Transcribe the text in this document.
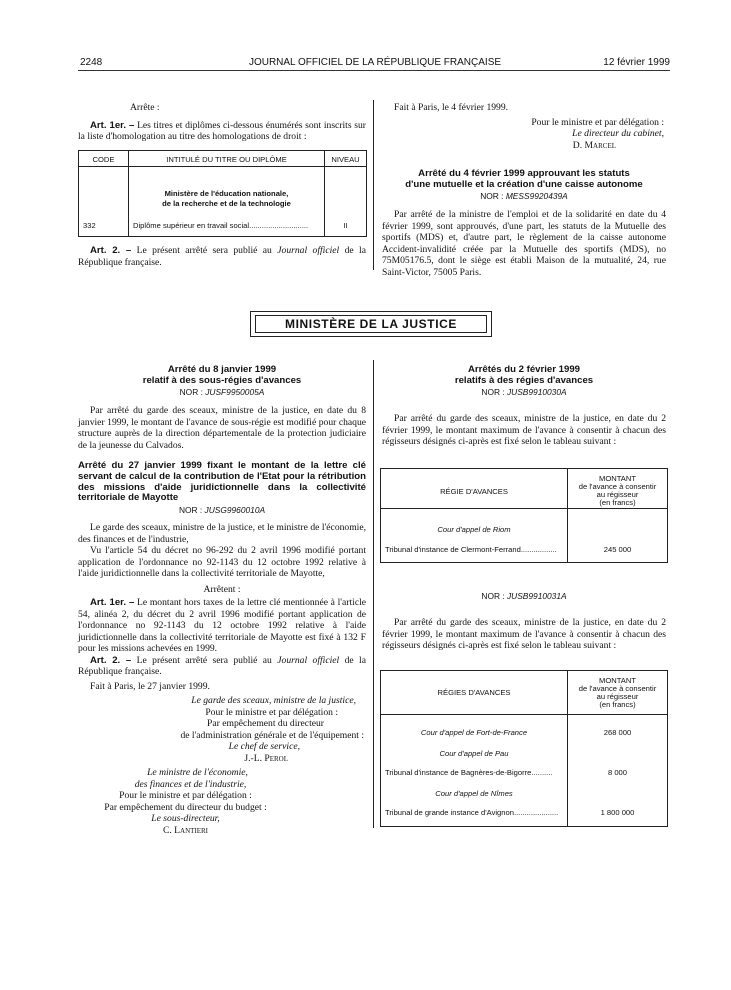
2248	JOURNAL OFFICIEL DE LA RÉPUBLIQUE FRANÇAISE	12 février 1999

Arrête :

Art. 1er. – Les titres et diplômes ci-dessous énumérés sont inscrits sur la liste d'homologation au titre des homologations de droit :

CODE	INTITULÉ DU TITRE OU DIPLÔME	NIVEAU
Ministère de l'éducation nationale,
de la recherche et de la technologie
332	Diplôme supérieur en travail social............................	II

Art. 2. – Le présent arrêté sera publié au Journal officiel de la République française.

Fait à Paris, le 4 février 1999.

Pour le ministre et par délégation :

Le directeur du cabinet,

D. Marcel

Arrêté du 4 février 1999 approuvant les statuts

d'une mutuelle et la création d'une caisse autonome

NOR : MESS9920439A

Par arrêté de la ministre de l'emploi et de la solidarité en date du 4 février 1999, sont approuvés, d'une part, les statuts de la Mutuelle des sportifs (MDS) et, d'autre part, le règlement de la caisse autonome Accident-invalidité créée par la Mutuelle des sportifs (MDS), no 75M05176.5, dont le siège est établi Maison de la mutualité, 24, rue Saint-Victor, 75005 Paris.

MINISTÈRE DE LA JUSTICE

Arrêté du 8 janvier 1999

relatif à des sous-régies d'avances

NOR : JUSF9950005A

Par arrêté du garde des sceaux, ministre de la justice, en date du 8 janvier 1999, le montant de l'avance de sous-régie est modifié pour chaque structure auprès de la direction départementale de la protection judiciaire de la jeunesse du Calvados.

Arrêté du 27 janvier 1999 fixant le montant de la lettre clé servant de calcul de la contribution de l'Etat pour la rétribution des missions d'aide juridictionnelle dans la collectivité territoriale de Mayotte

NOR : JUSG9960010A

Le garde des sceaux, ministre de la justice, et le ministre de l'économie, des finances et de l'industrie,

Vu l'article 54 du décret no 96-292 du 2 avril 1996 modifié portant application de l'ordonnance no 92-1143 du 12 octobre 1992 relative à l'aide juridictionnelle dans la collectivité territoriale de Mayotte,

Arrêtent :

Art. 1er. – Le montant hors taxes de la lettre clé mentionnée à l'article 54, alinéa 2, du décret du 2 avril 1996 modifié portant application de l'ordonnance no 92-1143 du 12 octobre 1992 relative à l'aide juridictionnelle dans la collectivité territoriale de Mayotte est fixé à 132 F pour les missions achevées en 1999.

Art. 2. – Le présent arrêté sera publié au Journal officiel de la République française.

Fait à Paris, le 27 janvier 1999.

Le garde des sceaux, ministre de la justice,

Pour le ministre et par délégation :

Par empêchement du directeur

de l'administration générale et de l'équipement :

Le chef de service,

J.-L. Perol

Le ministre de l'économie,

des finances et de l'industrie,

Pour le ministre et par délégation :

Par empêchement du directeur du budget :

Le sous-directeur,

C. Lantieri

Arrêtés du 2 février 1999

relatifs à des régies d'avances

NOR : JUSB9910030A

Par arrêté du garde des sceaux, ministre de la justice, en date du 2 février 1999, le montant maximum de l'avance à consentir à chacun des régisseurs désignés ci-après est fixé selon le tableau suivant :

RÉGIE D'AVANCES
MONTANT
de l'avance à consentir
au régisseur
(en francs)
Cour d'appel de Riom
Tribunal d'instance de Clermont-Ferrand.................	245 000

NOR : JUSB9910031A

Par arrêté du garde des sceaux, ministre de la justice, en date du 2 février 1999, le montant maximum de l'avance à consentir à chacun des régisseurs désignés ci-après est fixé selon le tableau suivant :

RÉGIES D'AVANCES
MONTANT
de l'avance à consentir
au régisseur
(en francs)
Cour d'appel de Fort-de-France	268 000
Cour d'appel de Pau
Tribunal d'instance de Bagnères-de-Bigorre..........	8 000
Cour d'appel de Nîmes
Tribunal de grande instance d'Avignon.....................	1 800 000
